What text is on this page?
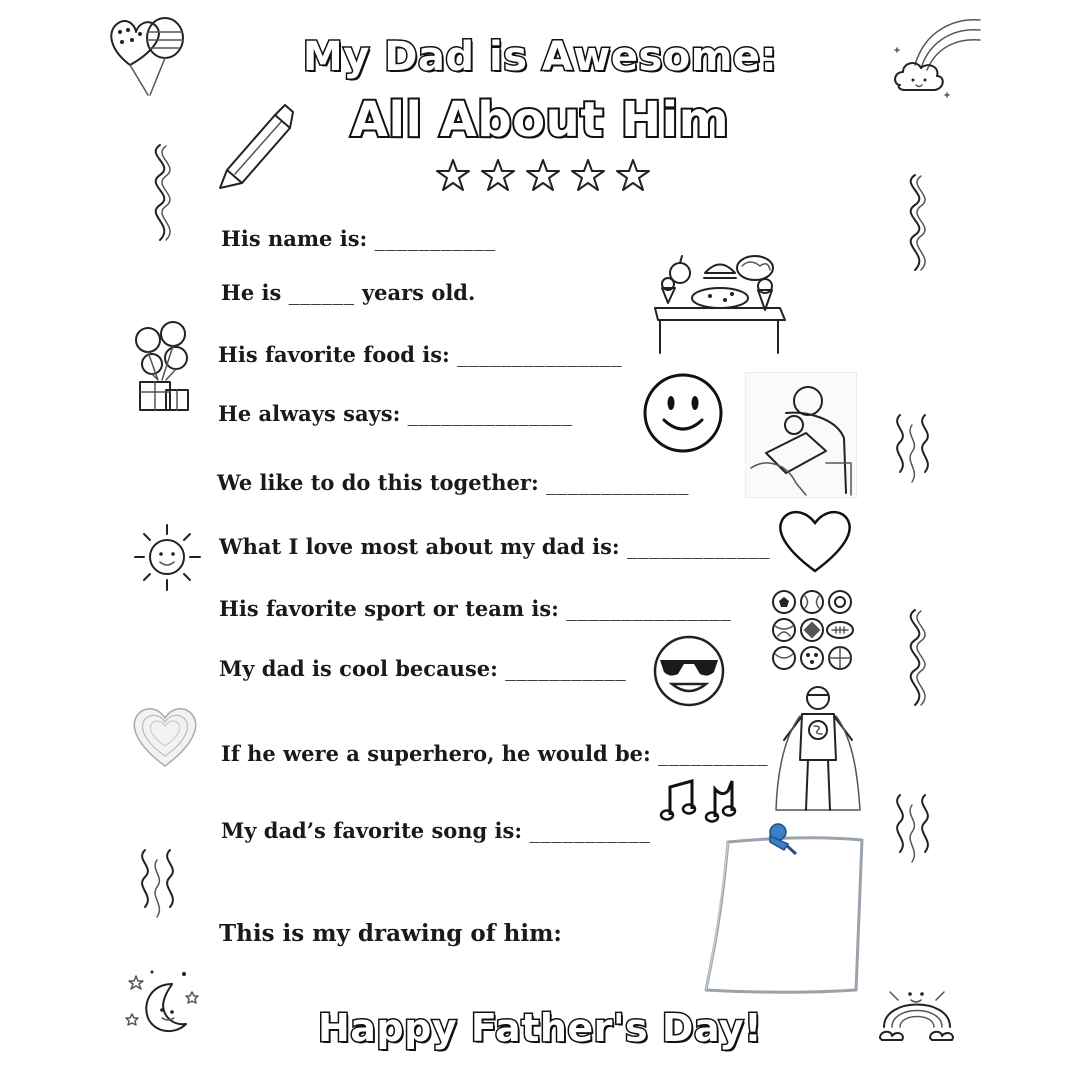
My Dad is Awesome:
All About Him
His name is: ___________
He is ______ years old.
His favorite food is: _______________
He always says: _______________
We like to do this together: _____________
What I love most about my dad is: _____________
His favorite sport or team is: _______________
My dad is cool because: ___________
If he were a superhero, he would be: __________
My dad’s favorite song is: ___________
This is my drawing of him:
Happy Father's Day!
